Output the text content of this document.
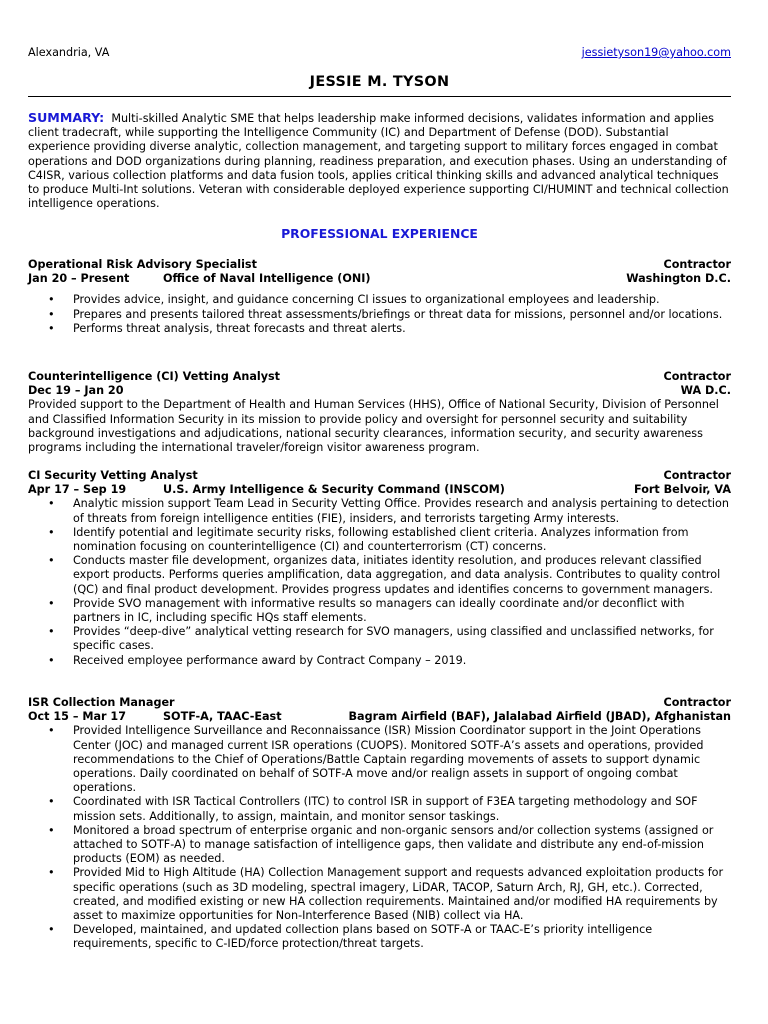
Alexandria, VA	jessietyson19@yahoo.com
JESSIE M. TYSON
SUMMARY: Multi-skilled Analytic SME that helps leadership make informed decisions, validates information and applies client tradecraft, while supporting the Intelligence Community (IC) and Department of Defense (DOD). Substantial experience providing diverse analytic, collection management, and targeting support to military forces engaged in combat operations and DOD organizations during planning, readiness preparation, and execution phases. Using an understanding of C4ISR, various collection platforms and data fusion tools, applies critical thinking skills and advanced analytical techniques to produce Multi-Int solutions. Veteran with considerable deployed experience supporting CI/HUMINT and technical collection intelligence operations.
PROFESSIONAL EXPERIENCE
Operational Risk Advisory Specialist	Contractor
Jan 20 – Present	Office of Naval Intelligence (ONI)	Washington D.C.
• Provides advice, insight, and guidance concerning CI issues to organizational employees and leadership.
• Prepares and presents tailored threat assessments/briefings or threat data for missions, personnel and/or locations.
• Performs threat analysis, threat forecasts and threat alerts.
Counterintelligence (CI) Vetting Analyst	Contractor
Dec 19 – Jan 20	WA D.C.
Provided support to the Department of Health and Human Services (HHS), Office of National Security, Division of Personnel and Classified Information Security in its mission to provide policy and oversight for personnel security and suitability background investigations and adjudications, national security clearances, information security, and security awareness programs including the international traveler/foreign visitor awareness program.
CI Security Vetting Analyst	Contractor
Apr 17 – Sep 19	U.S. Army Intelligence & Security Command (INSCOM)	Fort Belvoir, VA
• Analytic mission support Team Lead in Security Vetting Office. Provides research and analysis pertaining to detection of threats from foreign intelligence entities (FIE), insiders, and terrorists targeting Army interests.
• Identify potential and legitimate security risks, following established client criteria. Analyzes information from nomination focusing on counterintelligence (CI) and counterterrorism (CT) concerns.
• Conducts master file development, organizes data, initiates identity resolution, and produces relevant classified export products. Performs queries amplification, data aggregation, and data analysis. Contributes to quality control (QC) and final product development. Provides progress updates and identifies concerns to government managers.
• Provide SVO management with informative results so managers can ideally coordinate and/or deconflict with partners in IC, including specific HQs staff elements.
• Provides “deep-dive” analytical vetting research for SVO managers, using classified and unclassified networks, for specific cases.
• Received employee performance award by Contract Company – 2019.
ISR Collection Manager	Contractor
Oct 15 – Mar 17	SOTF-A, TAAC-East	Bagram Airfield (BAF), Jalalabad Airfield (JBAD), Afghanistan
• Provided Intelligence Surveillance and Reconnaissance (ISR) Mission Coordinator support in the Joint Operations Center (JOC) and managed current ISR operations (CUOPS). Monitored SOTF-A’s assets and operations, provided recommendations to the Chief of Operations/Battle Captain regarding movements of assets to support dynamic operations. Daily coordinated on behalf of SOTF-A move and/or realign assets in support of ongoing combat operations.
• Coordinated with ISR Tactical Controllers (ITC) to control ISR in support of F3EA targeting methodology and SOF mission sets. Additionally, to assign, maintain, and monitor sensor taskings.
• Monitored a broad spectrum of enterprise organic and non-organic sensors and/or collection systems (assigned or attached to SOTF-A) to manage satisfaction of intelligence gaps, then validate and distribute any end-of-mission products (EOM) as needed.
• Provided Mid to High Altitude (HA) Collection Management support and requests advanced exploitation products for specific operations (such as 3D modeling, spectral imagery, LiDAR, TACOP, Saturn Arch, RJ, GH, etc.). Corrected, created, and modified existing or new HA collection requirements. Maintained and/or modified HA requirements by asset to maximize opportunities for Non-Interference Based (NIB) collect via HA.
• Developed, maintained, and updated collection plans based on SOTF-A or TAAC-E’s priority intelligence requirements, specific to C-IED/force protection/threat targets.
